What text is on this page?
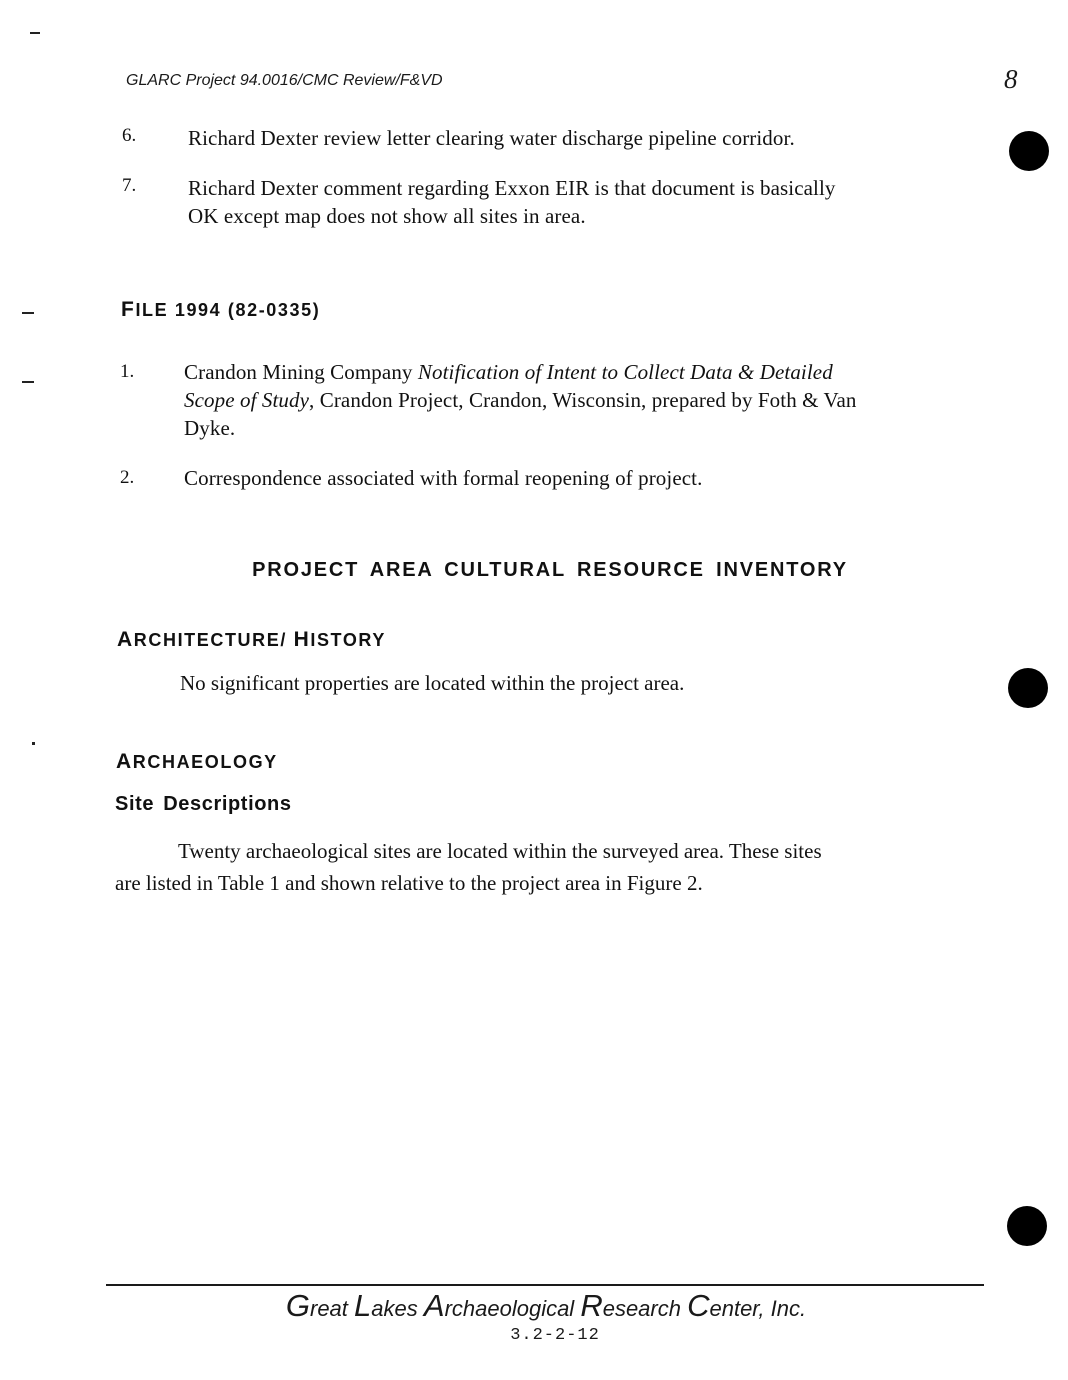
GLARC Project 94.0016/CMC Review/F&VD	8
6. Richard Dexter review letter clearing water discharge pipeline corridor.
7. Richard Dexter comment regarding Exxon EIR is that document is basically
OK except map does not show all sites in area.
FILE 1994 (82-0335)
1. Crandon Mining Company Notification of Intent to Collect Data & Detailed
Scope of Study, Crandon Project, Crandon, Wisconsin, prepared by Foth & Van
Dyke.
2. Correspondence associated with formal reopening of project.
PROJECT AREA CULTURAL RESOURCE INVENTORY
ARCHITECTURE/ HISTORY
No significant properties are located within the project area.
ARCHAEOLOGY
Site Descriptions
Twenty archaeological sites are located within the surveyed area. These sites
are listed in Table 1 and shown relative to the project area in Figure 2.
Great Lakes Archaeological Research Center, Inc.
3.2-2-12
